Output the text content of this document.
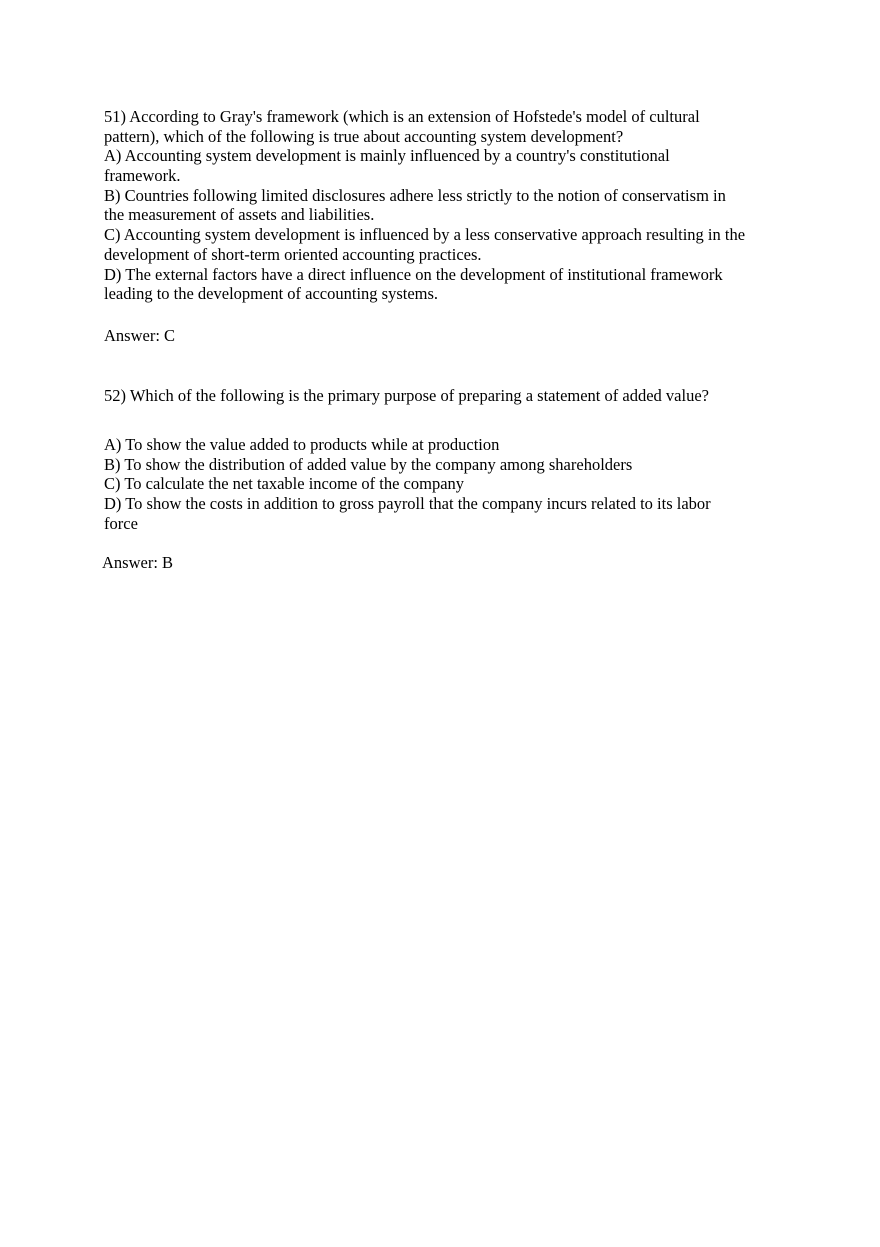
51) According to Gray's framework (which is an extension of Hofstede's model of cultural
pattern), which of the following is true about accounting system development?
A) Accounting system development is mainly influenced by a country's constitutional
framework.
B) Countries following limited disclosures adhere less strictly to the notion of conservatism in
the measurement of assets and liabilities.
C) Accounting system development is influenced by a less conservative approach resulting in the
development of short-term oriented accounting practices.
D) The external factors have a direct influence on the development of institutional framework
leading to the development of accounting systems.
Answer: C
52) Which of the following is the primary purpose of preparing a statement of added value?
A) To show the value added to products while at production
B) To show the distribution of added value by the company among shareholders
C) To calculate the net taxable income of the company
D) To show the costs in addition to gross payroll that the company incurs related to its labor
force
Answer: B
